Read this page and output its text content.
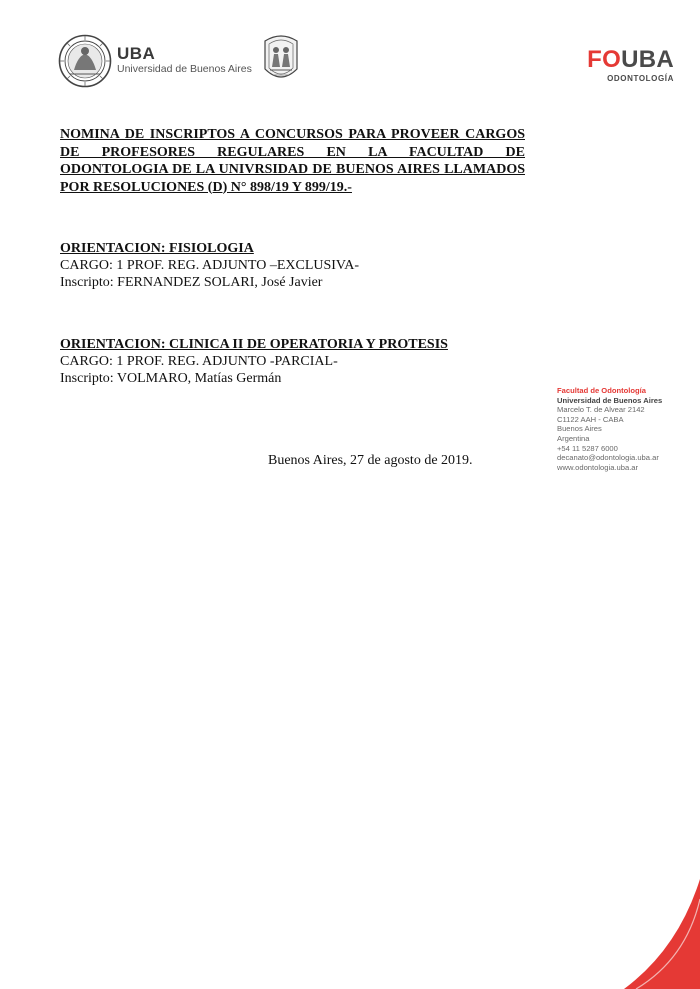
UBA
Universidad de Buenos Aires	FOUBA
ODONTOLOGÍA
NOMINA DE INSCRIPTOS A CONCURSOS PARA PROVEER CARGOS DE PROFESORES REGULARES EN LA FACULTAD DE ODONTOLOGIA DE LA UNIVRSIDAD DE BUENOS AIRES LLAMADOS POR RESOLUCIONES (D) N° 898/19 Y 899/19.-
ORIENTACION: FISIOLOGIA
CARGO: 1 PROF. REG. ADJUNTO –EXCLUSIVA-
Inscripto: FERNANDEZ SOLARI, José Javier
ORIENTACION: CLINICA II DE OPERATORIA Y PROTESIS
CARGO: 1 PROF. REG. ADJUNTO -PARCIAL-
Inscripto: VOLMARO, Matías Germán
Facultad de Odontología
Universidad de Buenos Aires
Marcelo T. de Alvear 2142
C1122 AAH - CABA
Buenos Aires
Argentina
+54 11 5287 6000
decanato@odontologia.uba.ar
www.odontologia.uba.ar
Buenos Aires, 27 de agosto de 2019.
